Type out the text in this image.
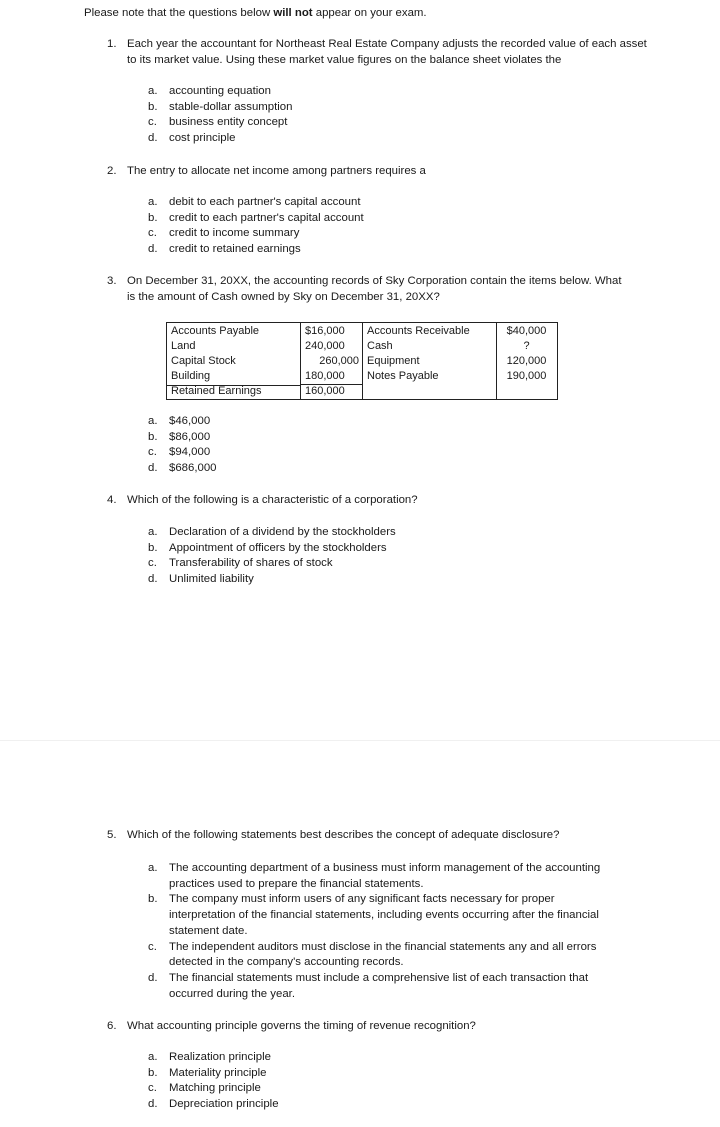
Please note that the questions below will not appear on your exam.
1. Each year the accountant for Northeast Real Estate Company adjusts the recorded value of each asset to its market value. Using these market value figures on the balance sheet violates the
a. accounting equation
b. stable-dollar assumption
c. business entity concept
d. cost principle
2. The entry to allocate net income among partners requires a
a. debit to each partner's capital account
b. credit to each partner's capital account
c. credit to income summary
d. credit to retained earnings
3. On December 31, 20XX, the accounting records of Sky Corporation contain the items below. What is the amount of Cash owned by Sky on December 31, 20XX?
Accounts Payable
Land
Capital Stock
Building
Retained Earnings
$16,000
240,000
260,000
180,000
160,000
Accounts Receivable
Cash
Equipment
Notes Payable
$40,000
?
120,000
190,000
a. $46,000
b. $86,000
c. $94,000
d. $686,000
4. Which of the following is a characteristic of a corporation?
a. Declaration of a dividend by the stockholders
b. Appointment of officers by the stockholders
c. Transferability of shares of stock
d. Unlimited liability
5. Which of the following statements best describes the concept of adequate disclosure?
a. The accounting department of a business must inform management of the accounting practices used to prepare the financial statements.
b. The company must inform users of any significant facts necessary for proper interpretation of the financial statements, including events occurring after the financial statement date.
c. The independent auditors must disclose in the financial statements any and all errors detected in the company's accounting records.
d. The financial statements must include a comprehensive list of each transaction that occurred during the year.
6. What accounting principle governs the timing of revenue recognition?
a. Realization principle
b. Materiality principle
c. Matching principle
d. Depreciation principle
